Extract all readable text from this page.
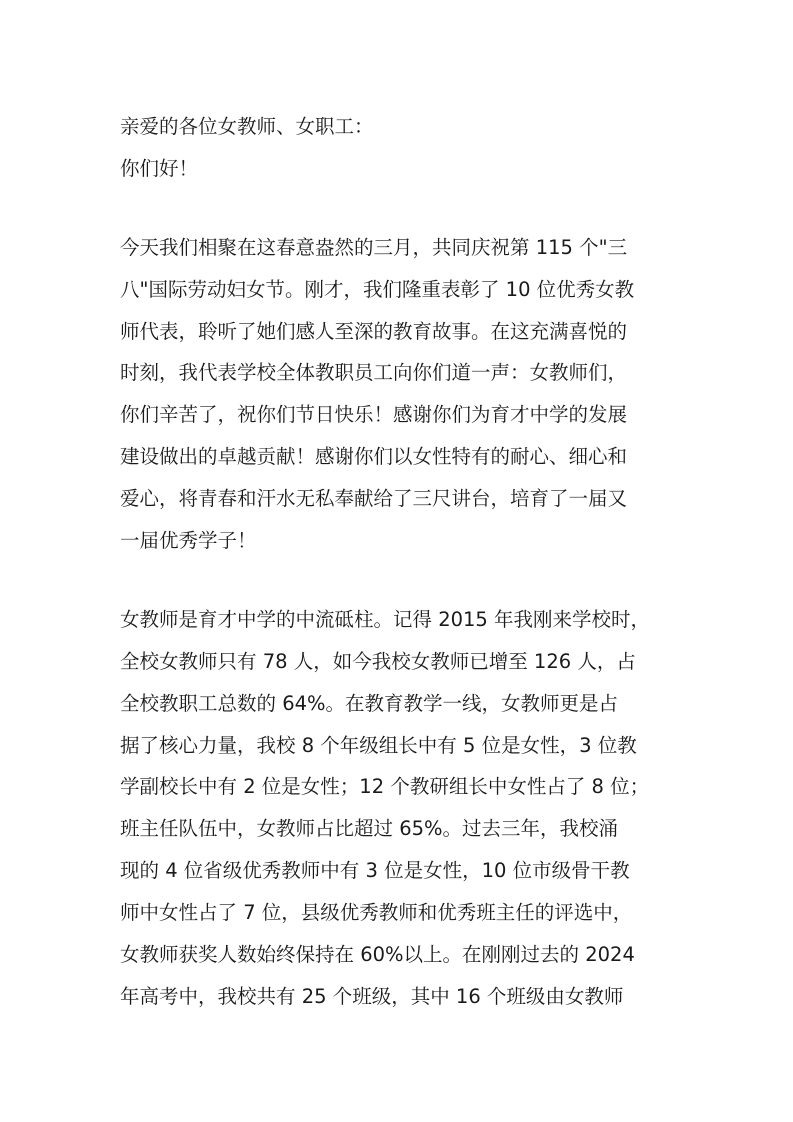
亲爱的各位女教师、女职工：
你们好！
今天我们相聚在这春意盎然的三月，共同庆祝第 115 个"三
八"国际劳动妇女节。刚才，我们隆重表彰了 10 位优秀女教
师代表，聆听了她们感人至深的教育故事。在这充满喜悦的
时刻，我代表学校全体教职员工向你们道一声：女教师们，
你们辛苦了，祝你们节日快乐！感谢你们为育才中学的发展
建设做出的卓越贡献！感谢你们以女性特有的耐心、细心和
爱心，将青春和汗水无私奉献给了三尺讲台，培育了一届又
一届优秀学子！
女教师是育才中学的中流砥柱。记得 2015 年我刚来学校时，
全校女教师只有 78 人，如今我校女教师已增至 126 人，占
全校教职工总数的 64%。在教育教学一线，女教师更是占
据了核心力量，我校 8 个年级组长中有 5 位是女性，3 位教
学副校长中有 2 位是女性；12 个教研组长中女性占了 8 位；
班主任队伍中，女教师占比超过 65%。过去三年，我校涌
现的 4 位省级优秀教师中有 3 位是女性，10 位市级骨干教
师中女性占了 7 位，县级优秀教师和优秀班主任的评选中，
女教师获奖人数始终保持在 60%以上。在刚刚过去的 2024
年高考中，我校共有 25 个班级，其中 16 个班级由女教师
